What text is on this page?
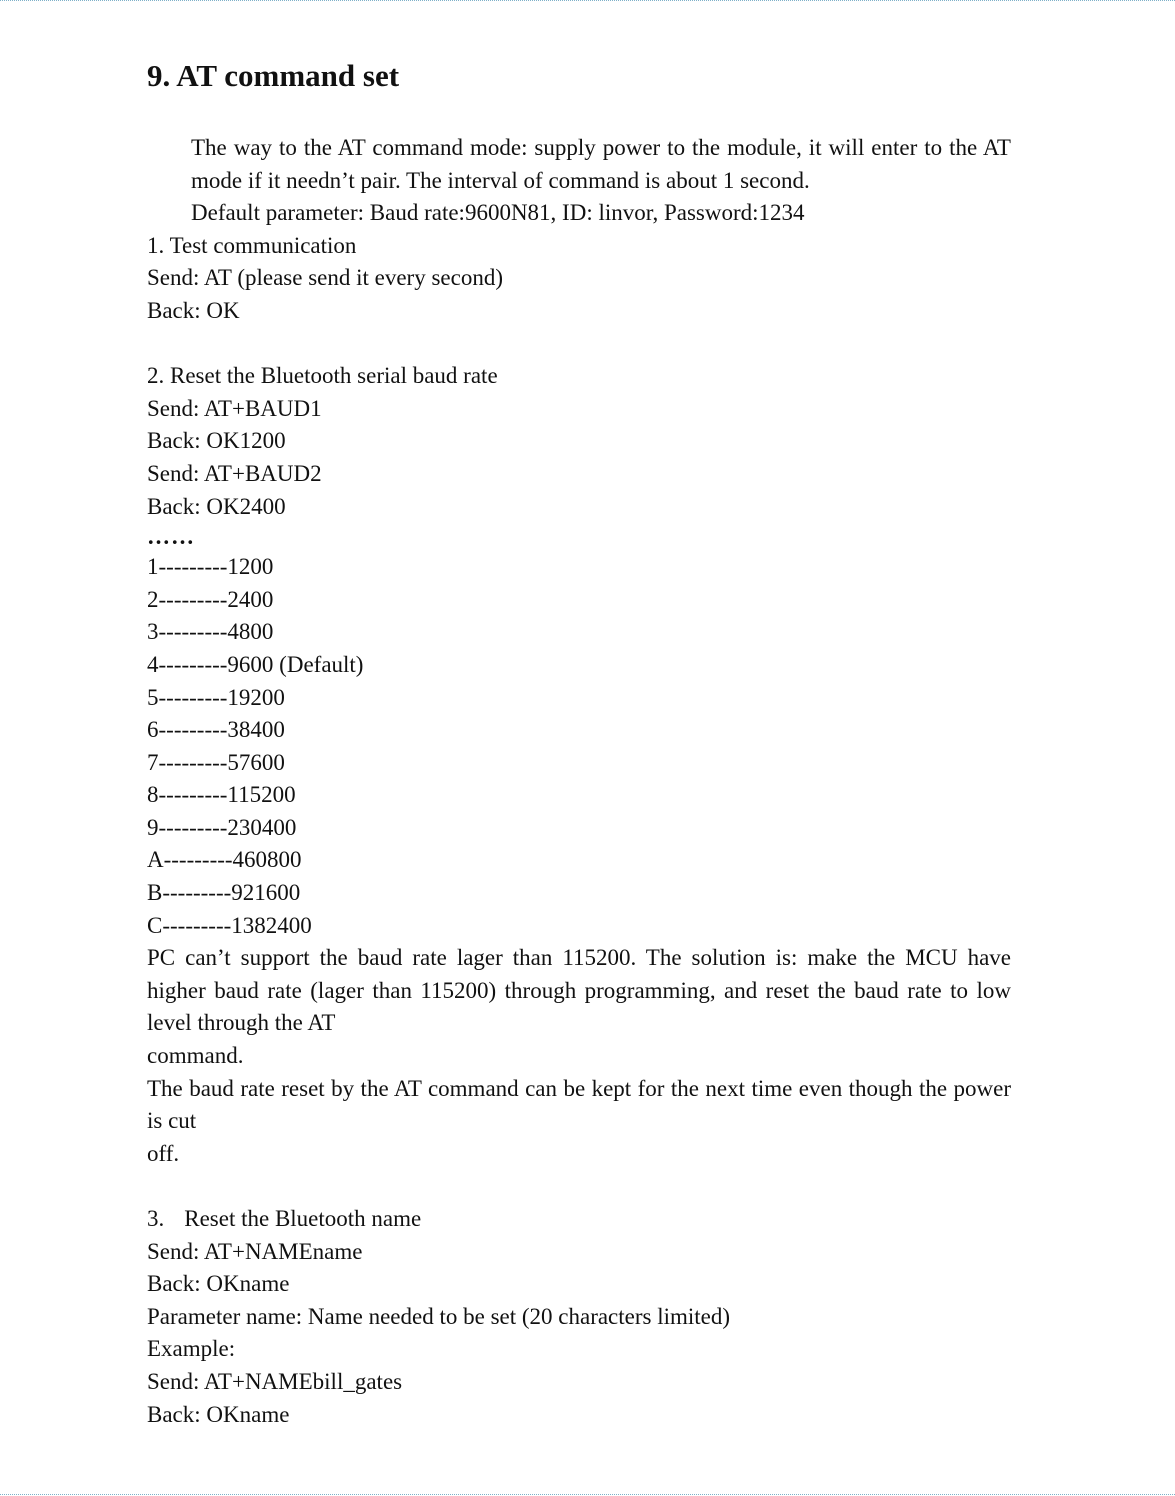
9. AT command set
The way to the AT command mode: supply power to the module, it will enter to the AT mode if it needn’t pair. The interval of command is about 1 second.
Default parameter: Baud rate:9600N81, ID: linvor, Password:1234
1. Test communication
Send: AT (please send it every second)
Back: OK
2. Reset the Bluetooth serial baud rate
Send: AT+BAUD1
Back: OK1200
Send: AT+BAUD2
Back: OK2400
……
1---------1200
2---------2400
3---------4800
4---------9600 (Default)
5---------19200
6---------38400
7---------57600
8---------115200
9---------230400
A---------460800
B---------921600
C---------1382400
PC can’t support the baud rate lager than 115200. The solution is: make the MCU have higher baud rate (lager than 115200) through programming, and reset the baud rate to low level through the AT
command.
The baud rate reset by the AT command can be kept for the next time even though the power is cut
off.
3. Reset the Bluetooth name
Send: AT+NAMEname
Back: OKname
Parameter name: Name needed to be set (20 characters limited)
Example:
Send: AT+NAMEbill_gates
Back: OKname
